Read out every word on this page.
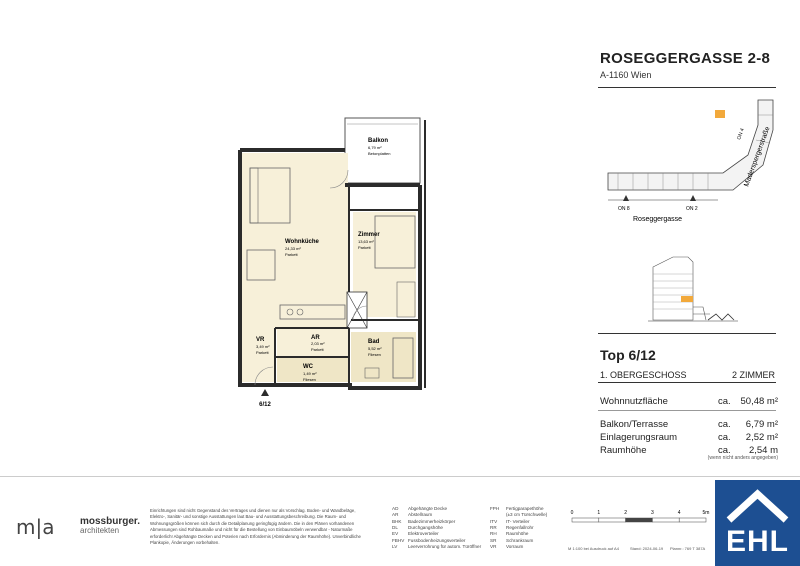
Balkon
6,79 m²
Betonplatten
Wohnküche
24,33 m²
Parkett
Zimmer
13,63 m²
Parkett
VR
3,49 m²
Parkett
AR
2,03 m²
Parkett
Bad
5,52 m²
Fliesen
WC
1,49 m²
Fliesen
6/12
ROSEGGERGASSE 2-8
A-1160 Wien
Roseggergasse
Maderspergerstraße
ON 8	ON 2
ON 4
Top 6/12
1. OBERGESCHOSS	2 ZIMMER
Wohnnutzfläche	ca. 50,48 m²
Balkon/Terrasse	ca. 6,79 m²
Einlagerungsraum	ca. 2,52 m²
Raumhöhe	ca. 2,54 m
(wenn nicht anders angegeben)
m|a	mossburger.
architekten
Einrichtungen sind nicht Gegenstand des Vertrages und dienen nur als Vorschlag. Boden- und Wandbeläge, Elektro-, Sanitär- und sonstige Ausstattungen laut Bau- und Ausstattungsbeschreibung. Die Raum- und Wohnungsgrößen können sich durch die Detailplanung geringfügig ändern. Die in den Plänen vorhandenen Abmessungen sind Rohbaumaße und nicht für die Bestellung von Einbaumöbeln verwendbar - Naturmaße erforderlich! Abgehängte Decken und Poterien nach Erfordernis (Abminderung der Raumhöhe). Unverbindliche Plankopie, Änderungen vorbehalten.
AD	Abgehängte Decke
AR	Abstellraum
BHK	Badezimmerheizkörper
DL	Durchgangshöhe
EV	Elektroverteiler
FBHV Fussbodenheizungsverteiler
LV	Leerverrohrung für autom. Türöffner
FPH	Fertigparapethöhe
(±3 cm Türschwelle)
ITV	IT- Verteiler
RR	Regenfallrohr
RH	Raumhöhe
SR	Schrankraum
VR	Vorraum
0	1	2	3	4	5m
M 1:100 bei Ausdruck auf A4	Stand: 2024-06-19 Plannr.: 769 T 387A EHL
